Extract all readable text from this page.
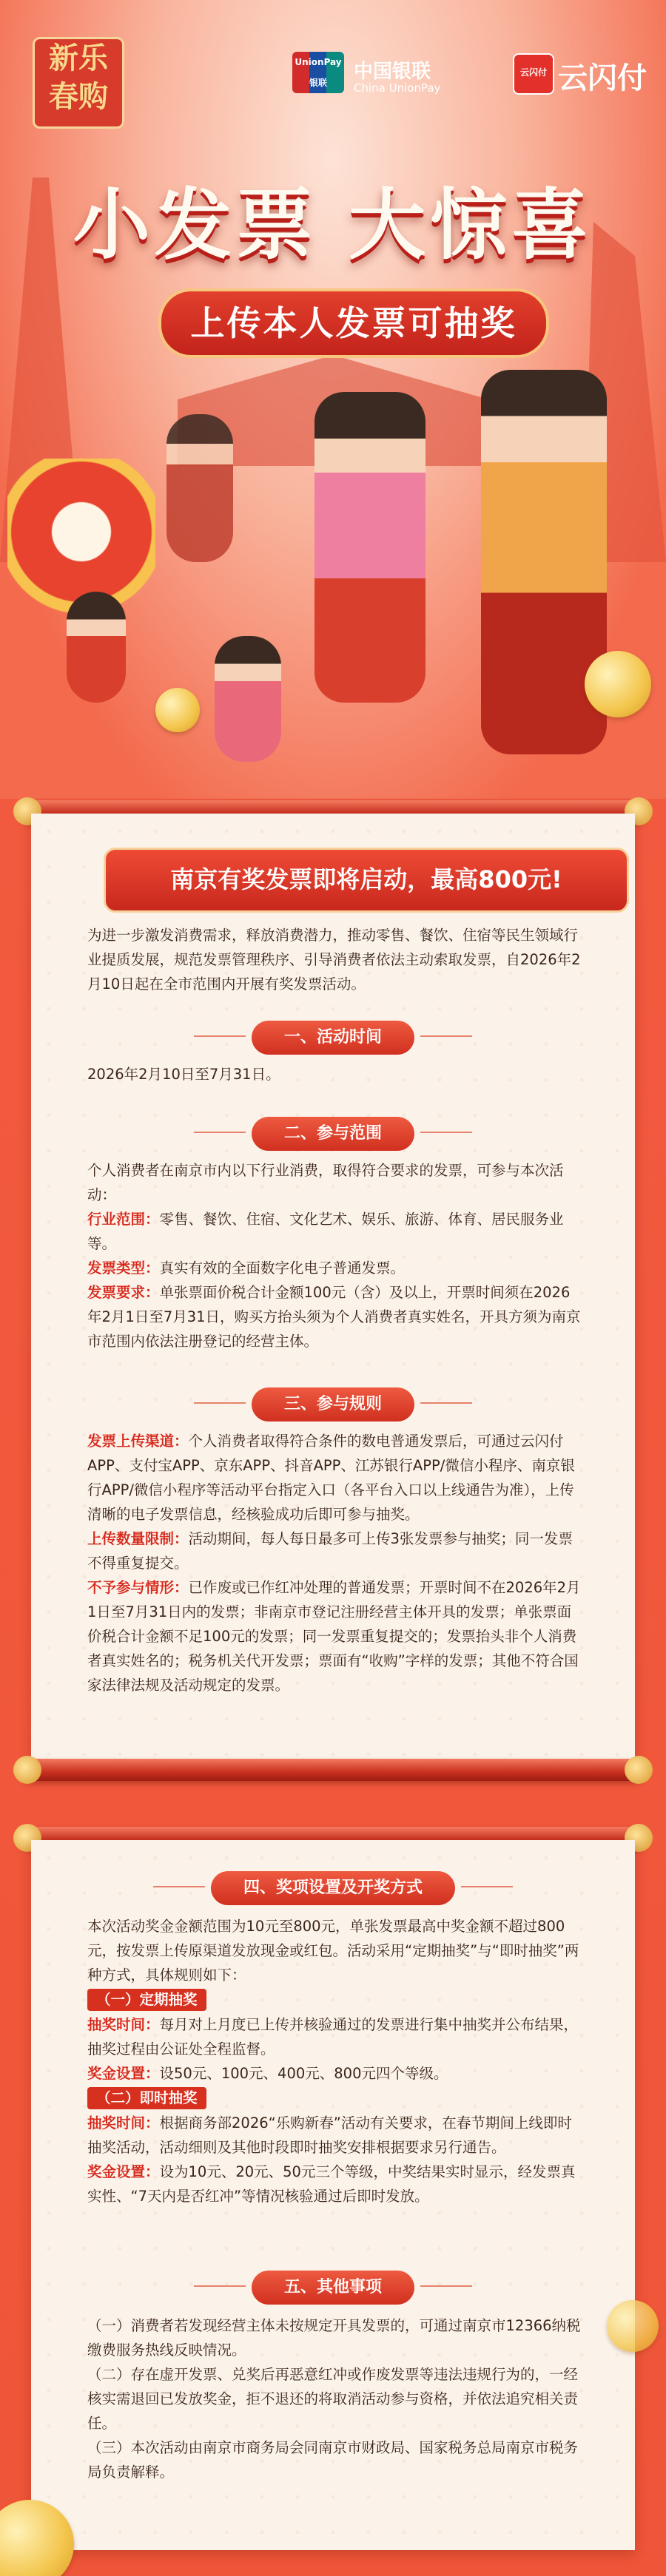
新乐
春购
UnionPay 银联	中国银联
China UnionPay
云闪付 云闪付
小发票 大惊喜
上传本人发票可抽奖
南京有奖发票即将启动，最高800元!
为进一步激发消费需求，释放消费潜力，推动零售、餐饮、住宿等民生领域行业提质发展，规范发票管理秩序、引导消费者依法主动索取发票，自2026年2月10日起在全市范围内开展有奖发票活动。
一、活动时间
2026年2月10日至7月31日。
二、参与范围

个人消费者在南京市内以下行业消费，取得符合要求的发票，可参与本次活动：

行业范围：零售、餐饮、住宿、文化艺术、娱乐、旅游、体育、居民服务业等。

发票类型：真实有效的全面数字化电子普通发票。

发票要求：单张票面价税合计金额100元（含）及以上，开票时间须在2026年2月1日至7月31日，购买方抬头须为个人消费者真实姓名，开具方须为南京市范围内依法注册登记的经营主体。

三、参与规则

发票上传渠道：个人消费者取得符合条件的数电普通发票后，可通过云闪付APP、支付宝APP、京东APP、抖音APP、江苏银行APP/微信小程序、南京银行APP/微信小程序等活动平台指定入口（各平台入口以上线通告为准），上传清晰的电子发票信息，经核验成功后即可参与抽奖。

上传数量限制：活动期间，每人每日最多可上传3张发票参与抽奖；同一发票不得重复提交。

不予参与情形：已作废或已作红冲处理的普通发票；开票时间不在2026年2月1日至7月31日内的发票；非南京市登记注册经营主体开具的发票；单张票面价税合计金额不足100元的发票；同一发票重复提交的；发票抬头非个人消费者真实姓名的；税务机关代开发票；票面有“收购”字样的发票；其他不符合国家法律法规及活动规定的发票。

四、奖项设置及开奖方式

本次活动奖金金额范围为10元至800元，单张发票最高中奖金额不超过800元，按发票上传原渠道发放现金或红包。活动采用“定期抽奖”与“即时抽奖”两种方式，具体规则如下：

（一）定期抽奖

抽奖时间：每月对上月度已上传并核验通过的发票进行集中抽奖并公布结果，抽奖过程由公证处全程监督。

奖金设置：设50元、100元、400元、800元四个等级。

（二）即时抽奖

抽奖时间：根据商务部2026“乐购新春”活动有关要求，在春节期间上线即时抽奖活动，活动细则及其他时段即时抽奖安排根据要求另行通告。

奖金设置：设为10元、20元、50元三个等级，中奖结果实时显示，经发票真实性、“7天内是否红冲”等情况核验通过后即时发放。

五、其他事项

（一）消费者若发现经营主体未按规定开具发票的，可通过南京市12366纳税缴费服务热线反映情况。

（二）存在虚开发票、兑奖后再恶意红冲或作废发票等违法违规行为的，一经核实需退回已发放奖金，拒不退还的将取消活动参与资格，并依法追究相关责任。

（三）本次活动由南京市商务局会同南京市财政局、国家税务总局南京市税务局负责解释。
